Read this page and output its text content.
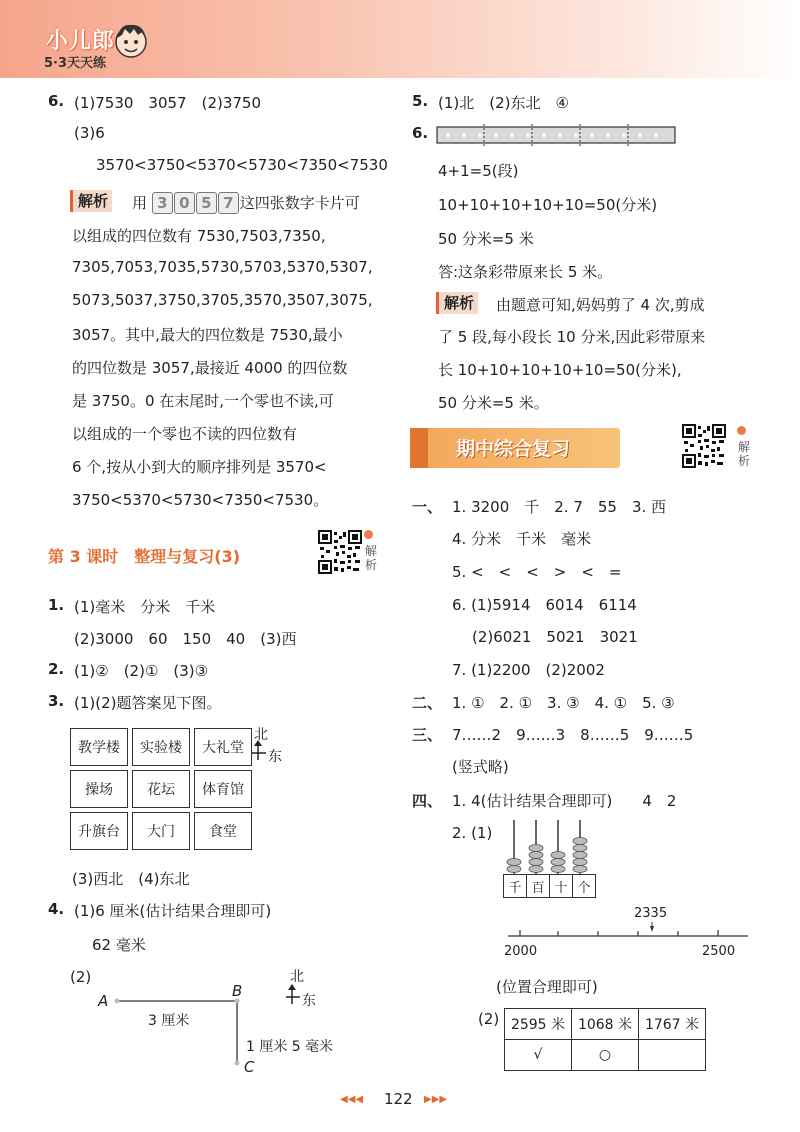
小儿郎
5·3天天练
6. (1)7530　3057　(2)3750
(3)6
3570<3750<5370<5730<7350<7530
解析 用 3 0 5 7 这四张数字卡片可
以组成的四位数有 7530,7503,7350,
7305,7053,7035,5730,5703,5370,5307,
5073,5037,3750,3705,3570,3507,3075,
3057。其中,最大的四位数是 7530,最小
的四位数是 3057,最接近 4000 的四位数
是 3750。0 在末尾时,一个零也不读,可
以组成的一个零也不读的四位数有
6 个,按从小到大的顺序排列是 3570<
3750<5370<5730<7350<7530。
第 3 课时　整理与复习(3)	解
析
1. (1)毫米　分米　千米
(2)3000　60　150　40　(3)西
2. (1)②　(2)①　(3)③
3. (1)(2)题答案见下图。
教学楼	实验楼	大礼堂
操场	花坛	体育馆
升旗台	大门	食堂
北
东
(3)西北　(4)东北
4. (1)6 厘米(估计结果合理即可)
62 毫米
(2)
A
B
C
3 厘米
1 厘米 5 毫米
北
东
5. (1)北　(2)东北　④
6.
4+1=5(段)
10+10+10+10+10=50(分米)
50 分米=5 米
答:这条彩带原来长 5 米。
解析 由题意可知,妈妈剪了 4 次,剪成
了 5 段,每小段长 10 分米,因此彩带原来
长 10+10+10+10+10=50(分米),
50 分米=5 米。
期中综合复习	解
析
一、 1. 3200　千　2. 7　55　3. 西
4. 分米　千米　毫米
5. <　<　<　>　<　=
6. (1)5914　6014　6114
(2)6021　5021　3021
7. (1)2200　(2)2002
二、 1. ①　2. ①　3. ③　4. ①　5. ③
三、 7……2　9……3　8……5　9……5
(竖式略)
四、 1. 4(估计结果合理即可)　　4　2
2. (1)
千	百	十	个
2335
2000	2500
(位置合理即可)
(2) 2595 米	1068 米	1767 米
√	○	
◀◀◀ 122 ▶▶▶
